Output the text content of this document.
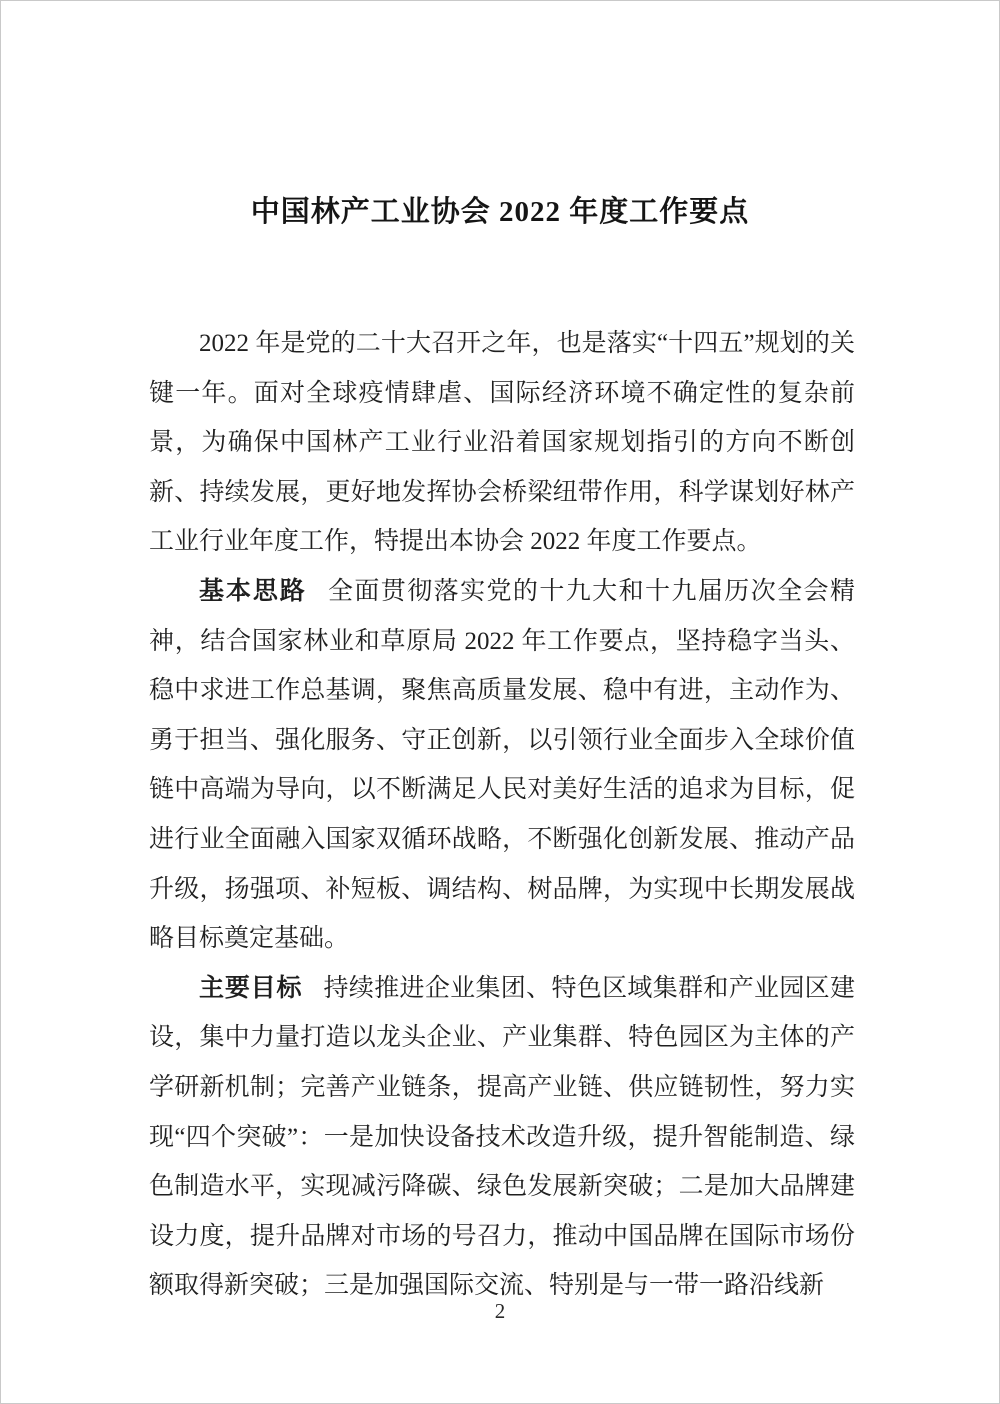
中国林产工业协会 2022 年度工作要点

2022 年是党的二十大召开之年，也是落实“十四五”规划的关键一年。面对全球疫情肆虐、国际经济环境不确定性的复杂前景，为确保中国林产工业行业沿着国家规划指引的方向不断创新、持续发展，更好地发挥协会桥梁纽带作用，科学谋划好林产工业行业年度工作，特提出本协会 2022 年度工作要点。

基本思路 全面贯彻落实党的十九大和十九届历次全会精神，结合国家林业和草原局 2022 年工作要点，坚持稳字当头、稳中求进工作总基调，聚焦高质量发展、稳中有进，主动作为、勇于担当、强化服务、守正创新，以引领行业全面步入全球价值链中高端为导向，以不断满足人民对美好生活的追求为目标，促进行业全面融入国家双循环战略，不断强化创新发展、推动产品升级，扬强项、补短板、调结构、树品牌，为实现中长期发展战略目标奠定基础。

主要目标 持续推进企业集团、特色区域集群和产业园区建设，集中力量打造以龙头企业、产业集群、特色园区为主体的产学研新机制；完善产业链条，提高产业链、供应链韧性，努力实现“四个突破”：一是加快设备技术改造升级，提升智能制造、绿色制造水平，实现减污降碳、绿色发展新突破；二是加大品牌建设力度，提升品牌对市场的号召力，推动中国品牌在国际市场份额取得新突破；三是加强国际交流、特别是与一带一路沿线新

2
